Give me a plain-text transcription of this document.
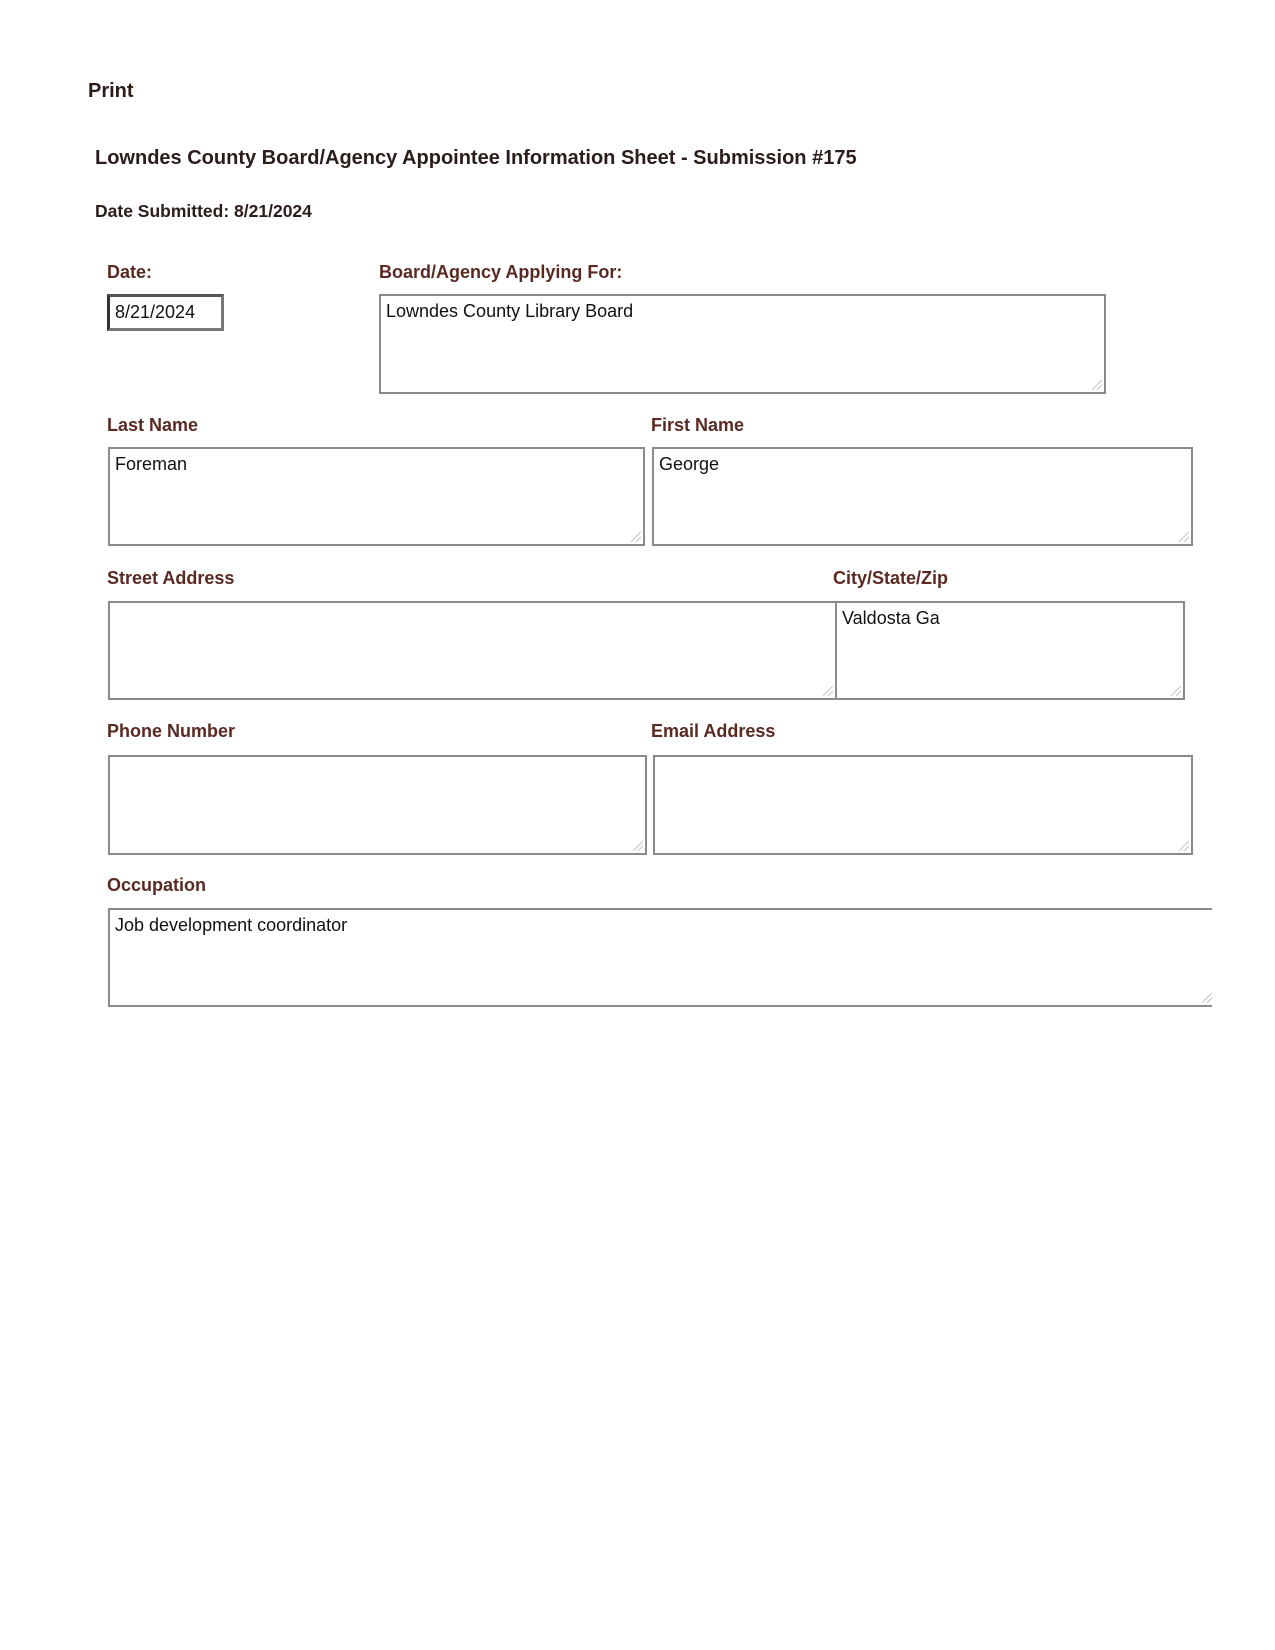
Print
Lowndes County Board/Agency Appointee Information Sheet - Submission #175
Date Submitted: 8/21/2024
Date:
8/21/2024
Board/Agency Applying For:
Lowndes County Library Board
Last Name
Foreman
First Name
George
Street Address	City/State/Zip
Valdosta Ga
Phone Number	Email Address
Occupation
Job development coordinator
